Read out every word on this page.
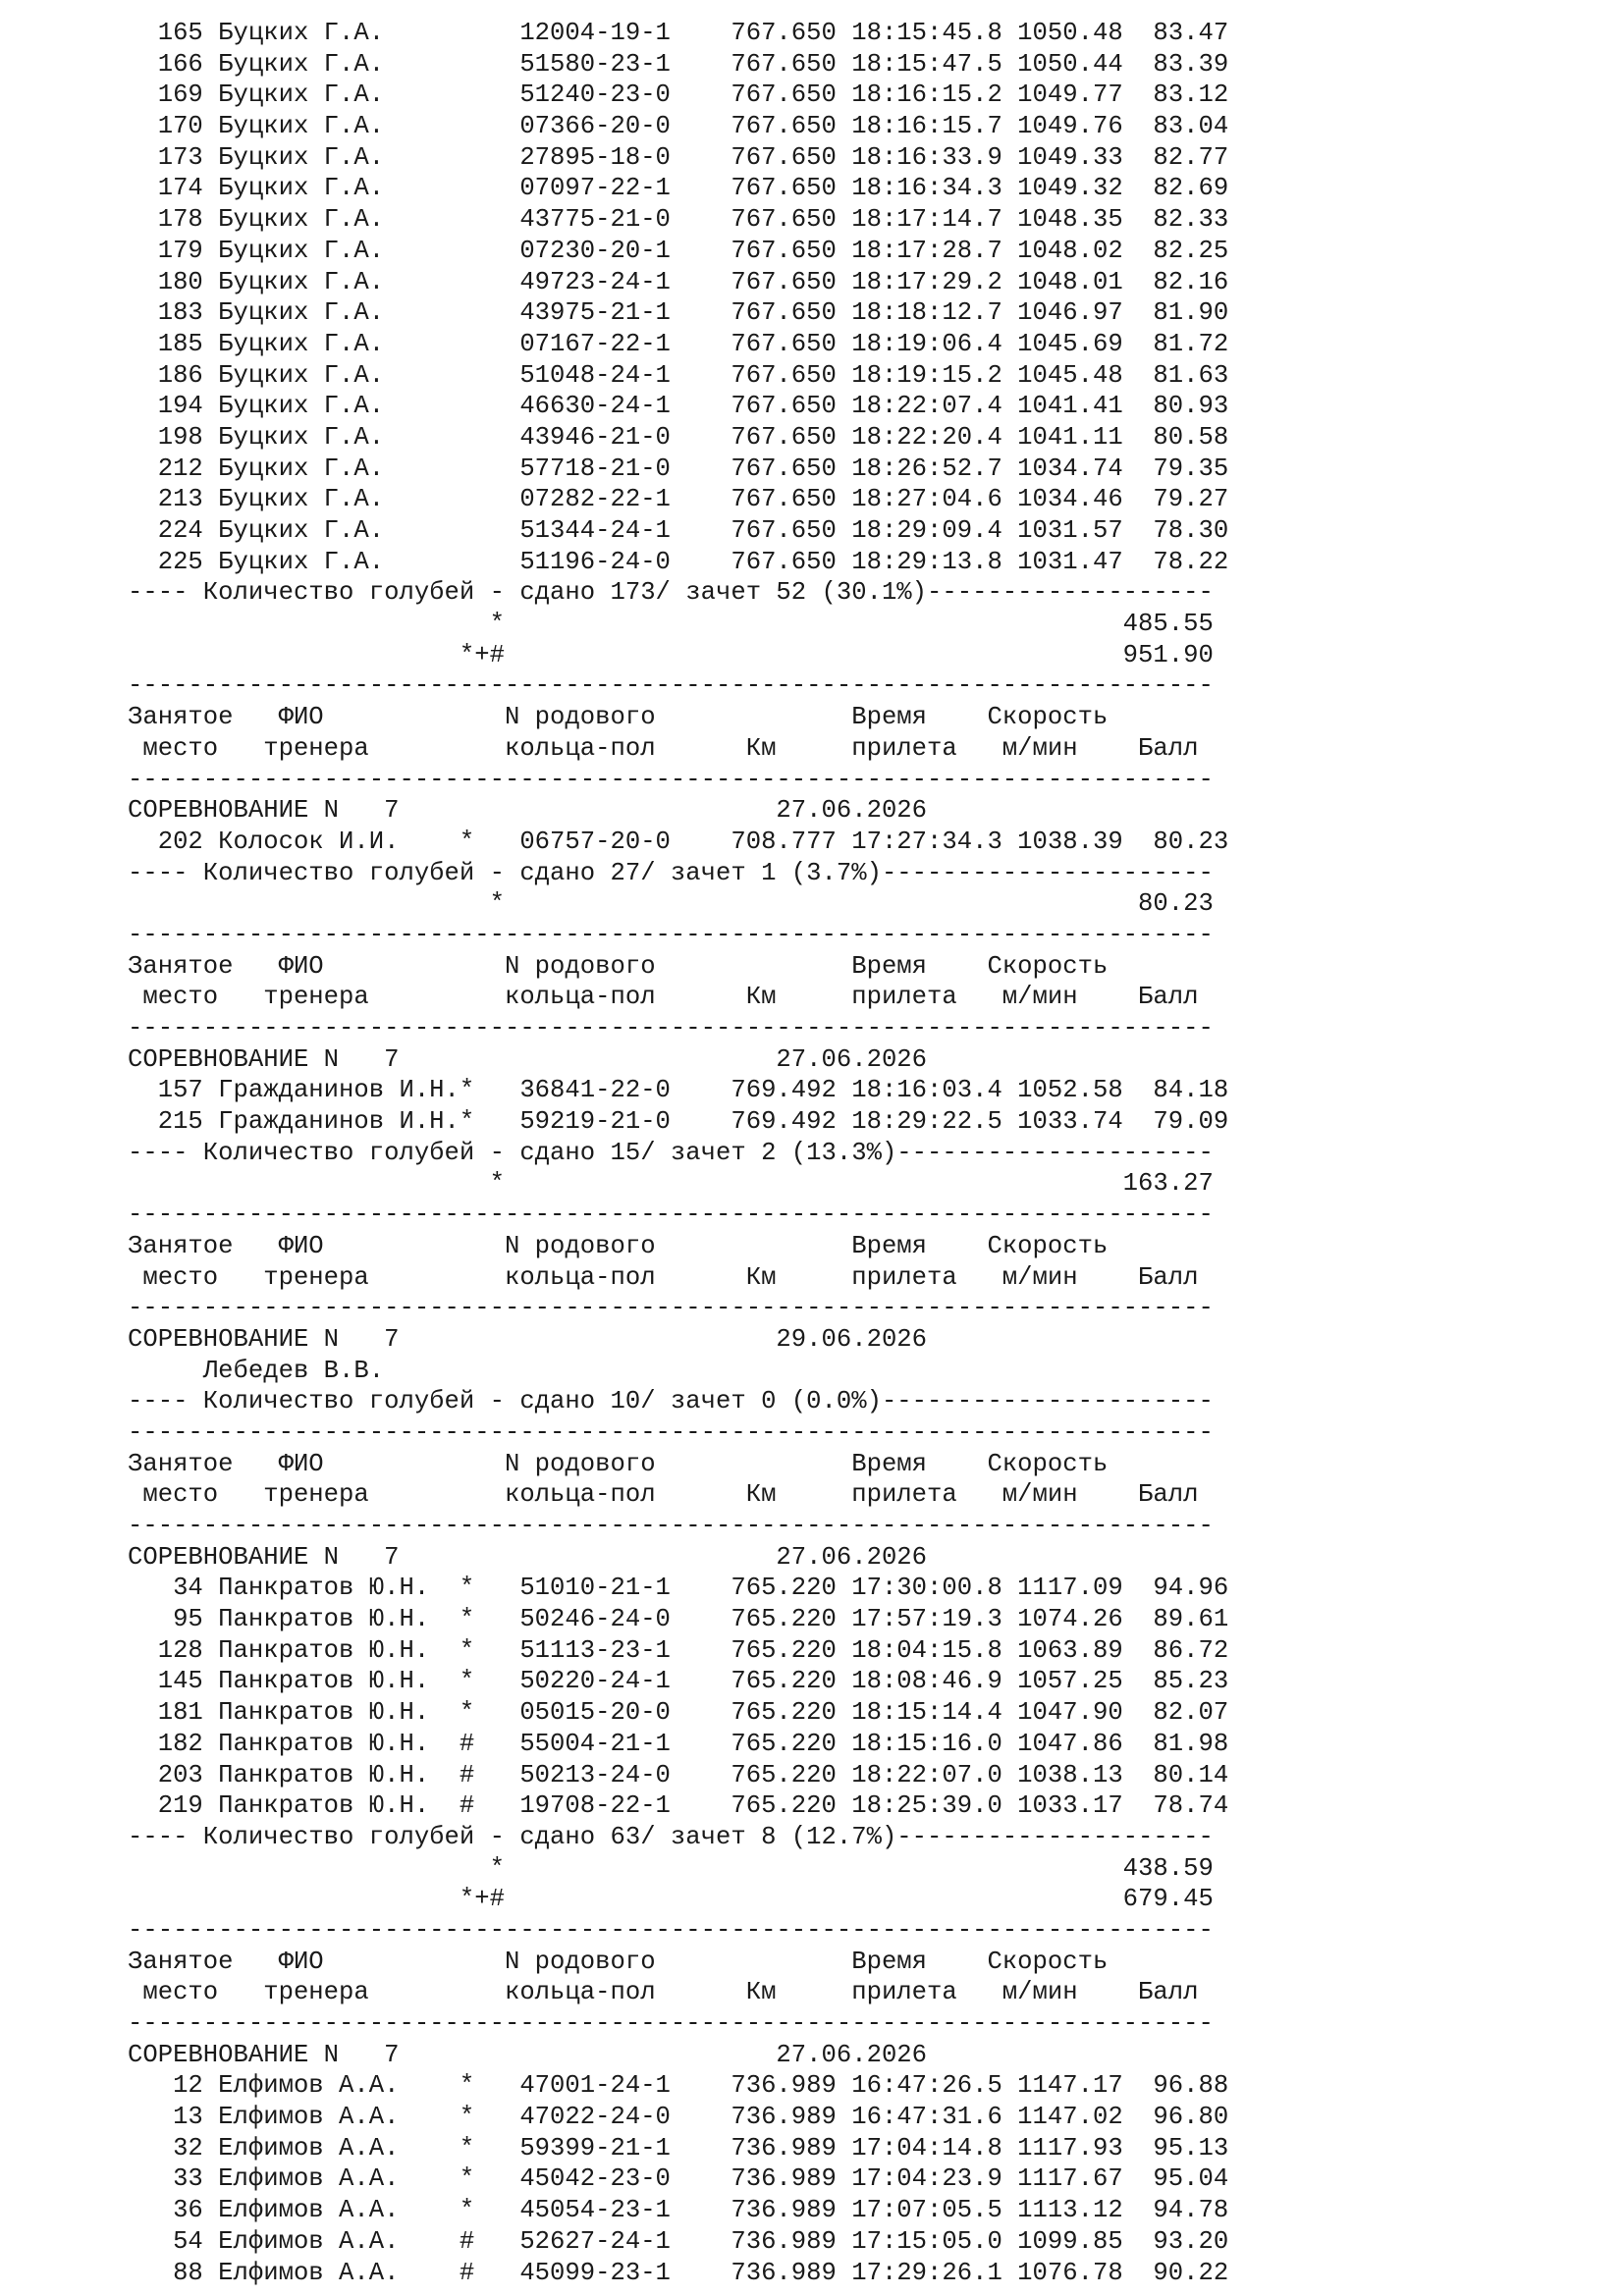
165 Буцких Г.А.         12004-19-1    767.650 18:15:45.8 1050.48  83.47
166 Буцких Г.А.         51580-23-1    767.650 18:15:47.5 1050.44  83.39
169 Буцких Г.А.         51240-23-0    767.650 18:16:15.2 1049.77  83.12
170 Буцких Г.А.         07366-20-0    767.650 18:16:15.7 1049.76  83.04
173 Буцких Г.А.         27895-18-0    767.650 18:16:33.9 1049.33  82.77
174 Буцких Г.А.         07097-22-1    767.650 18:16:34.3 1049.32  82.69
178 Буцких Г.А.         43775-21-0    767.650 18:17:14.7 1048.35  82.33
179 Буцких Г.А.         07230-20-1    767.650 18:17:28.7 1048.02  82.25
180 Буцких Г.А.         49723-24-1    767.650 18:17:29.2 1048.01  82.16
183 Буцких Г.А.         43975-21-1    767.650 18:18:12.7 1046.97  81.90
185 Буцких Г.А.         07167-22-1    767.650 18:19:06.4 1045.69  81.72
186 Буцких Г.А.         51048-24-1    767.650 18:19:15.2 1045.48  81.63
194 Буцких Г.А.         46630-24-1    767.650 18:22:07.4 1041.41  80.93
198 Буцких Г.А.         43946-21-0    767.650 18:22:20.4 1041.11  80.58
212 Буцких Г.А.         57718-21-0    767.650 18:26:52.7 1034.74  79.35
213 Буцких Г.А.         07282-22-1    767.650 18:27:04.6 1034.46  79.27
224 Буцких Г.А.         51344-24-1    767.650 18:29:09.4 1031.57  78.30
225 Буцких Г.А.         51196-24-0    767.650 18:29:13.8 1031.47  78.22
---- Количество голубей - сдано 173/ зачет 52 (30.1%)-------------------
*                                         485.55
*+#                                         951.90
------------------------------------------------------------------------
Занятое   ФИО            N родового             Время    Скорость
место   тренера         кольца-пол      Км     прилета   м/мин    Балл
------------------------------------------------------------------------
СОРЕВНОВАНИЕ N   7                         27.06.2026
202 Колосок И.И.    *   06757-20-0    708.777 17:27:34.3 1038.39  80.23
---- Количество голубей - сдано 27/ зачет 1 (3.7%)----------------------
*                                          80.23
------------------------------------------------------------------------
Занятое   ФИО            N родового             Время    Скорость
место   тренера         кольца-пол      Км     прилета   м/мин    Балл
------------------------------------------------------------------------
СОРЕВНОВАНИЕ N   7                         27.06.2026
157 Гражданинов И.Н.*   36841-22-0    769.492 18:16:03.4 1052.58  84.18
215 Гражданинов И.Н.*   59219-21-0    769.492 18:29:22.5 1033.74  79.09
---- Количество голубей - сдано 15/ зачет 2 (13.3%)---------------------
*                                         163.27
------------------------------------------------------------------------
Занятое   ФИО            N родового             Время    Скорость
место   тренера         кольца-пол      Км     прилета   м/мин    Балл
------------------------------------------------------------------------
СОРЕВНОВАНИЕ N   7                         29.06.2026
Лебедев В.В.
---- Количество голубей - сдано 10/ зачет 0 (0.0%)----------------------
------------------------------------------------------------------------
Занятое   ФИО            N родового             Время    Скорость
место   тренера         кольца-пол      Км     прилета   м/мин    Балл
------------------------------------------------------------------------
СОРЕВНОВАНИЕ N   7                         27.06.2026
34 Панкратов Ю.Н.  *   51010-21-1    765.220 17:30:00.8 1117.09  94.96
95 Панкратов Ю.Н.  *   50246-24-0    765.220 17:57:19.3 1074.26  89.61
128 Панкратов Ю.Н.  *   51113-23-1    765.220 18:04:15.8 1063.89  86.72
145 Панкратов Ю.Н.  *   50220-24-1    765.220 18:08:46.9 1057.25  85.23
181 Панкратов Ю.Н.  *   05015-20-0    765.220 18:15:14.4 1047.90  82.07
182 Панкратов Ю.Н.  #   55004-21-1    765.220 18:15:16.0 1047.86  81.98
203 Панкратов Ю.Н.  #   50213-24-0    765.220 18:22:07.0 1038.13  80.14
219 Панкратов Ю.Н.  #   19708-22-1    765.220 18:25:39.0 1033.17  78.74
---- Количество голубей - сдано 63/ зачет 8 (12.7%)---------------------
*                                         438.59
*+#                                         679.45
------------------------------------------------------------------------
Занятое   ФИО            N родового             Время    Скорость
место   тренера         кольца-пол      Км     прилета   м/мин    Балл
------------------------------------------------------------------------
СОРЕВНОВАНИЕ N   7                         27.06.2026
12 Елфимов А.А.    *   47001-24-1    736.989 16:47:26.5 1147.17  96.88
13 Елфимов А.А.    *   47022-24-0    736.989 16:47:31.6 1147.02  96.80
32 Елфимов А.А.    *   59399-21-1    736.989 17:04:14.8 1117.93  95.13
33 Елфимов А.А.    *   45042-23-0    736.989 17:04:23.9 1117.67  95.04
36 Елфимов А.А.    *   45054-23-1    736.989 17:07:05.5 1113.12  94.78
54 Елфимов А.А.    #   52627-24-1    736.989 17:15:05.0 1099.85  93.20
88 Елфимов А.А.    #   45099-23-1    736.989 17:29:26.1 1076.78  90.22
